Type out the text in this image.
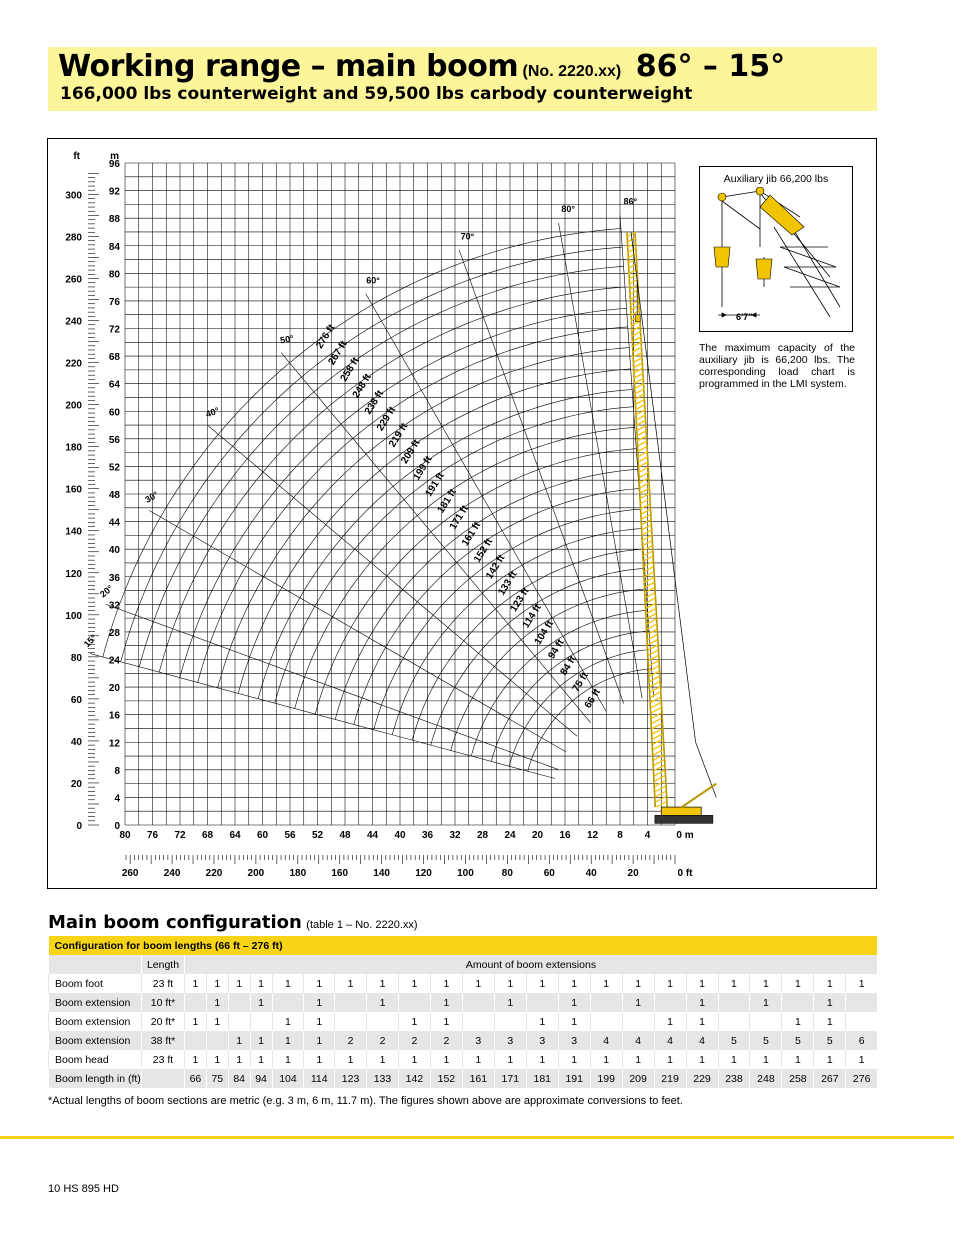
Working range – main boom (No. 2220.xx) 86° – 15°
166,000 lbs counterweight and 59,500 lbs carbody counterweight
86°
80°
70°
60°
50°
40°
30°
20°
15°
276 ft
267 ft
258 ft
248 ft
238 ft
229 ft
219 ft
209 ft
199 ft
191 ft
181 ft
171 ft
161 ft
152 ft
142 ft
133 ft
123 ft
114 ft
104 ft
94 ft
84 ft
75 ft
66 ft
300
280
260
240
220
200
180
160
140
120
100
80
60
40
20
0
96
92
88
84
80
76
72
68
64
60
56
52
48
44
40
36
32
28
24
20
16
12
8
4
0
ft	m
80 76 72 68 64 60 56 52 48 44 40 36 32 28 24 20 16 12 8 4	0 m
260	240	220	200	180	160	140	120	100	80	60	40	20	0 ft
Auxiliary jib 66,200 lbs
6'7"
The maximum capacity of the auxiliary jib is 66,200 lbs. The corresponding load chart is programmed in the LMI system.
Main boom configuration (table 1 – No. 2220.xx)
Configuration for boom lengths (66 ft – 276 ft)																								
	Length	Amount of boom extensions																						
Boom foot	23 ft	1	1	1	1	1	1	1	1	1	1	1	1	1	1	1	1	1	1	1	1	1	1	1
Boom extension	10 ft*		1		1		1		1		1		1		1		1		1		1		1	
Boom extension	20 ft*	1	1			1	1			1	1			1	1			1	1			1	1	
Boom extension	38 ft*			1	1	1	1	2	2	2	2	3	3	3	3	4	4	4	4	5	5	5	5	6
Boom head	23 ft	1	1	1	1	1	1	1	1	1	1	1	1	1	1	1	1	1	1	1	1	1	1	1
Boom length in (ft)		66	75	84	94	104	114	123	133	142	152	161	171	181	191	199	209	219	229	238	248	258	267	276
*Actual lengths of boom sections are metric (e.g. 3 m, 6 m, 11.7 m). The figures shown above are approximate conversions to feet.
10 HS 895 HD
